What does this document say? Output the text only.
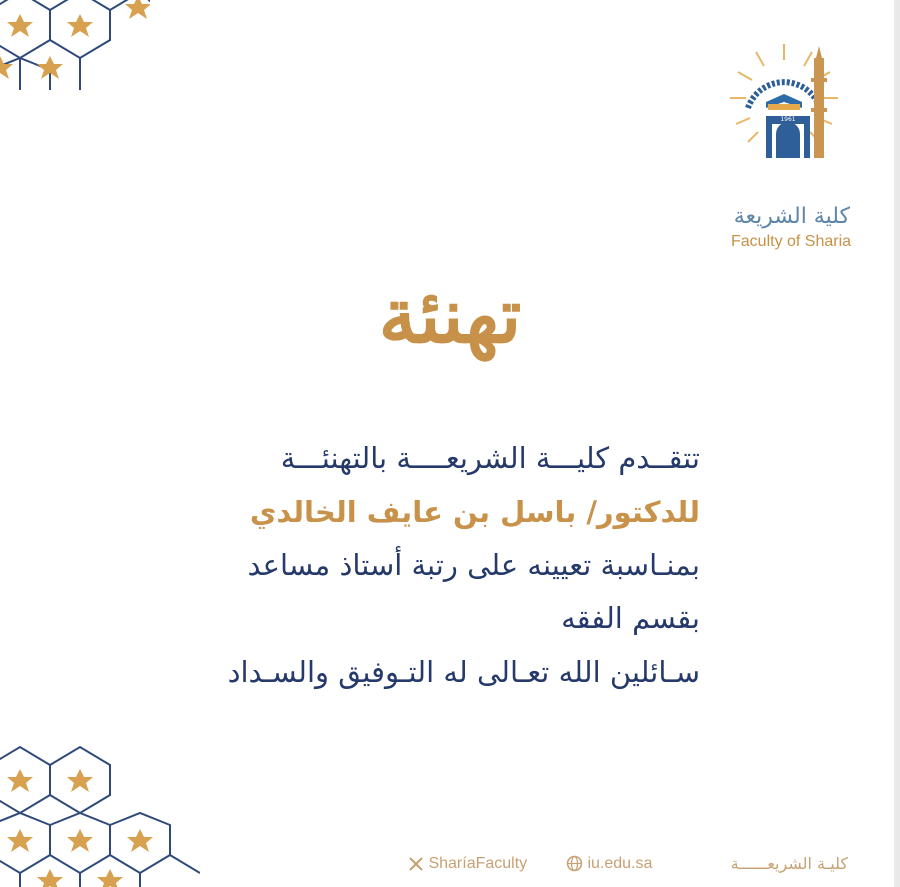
1961
كلية الشريعة
Faculty of Sharia
تهنئة
تتقــدم كليـــة الشريعــــة بالتهنئـــة
للدكتور/ باسل بن عايف الخالدي
بمنـاسبة تعيينه على رتبة أستاذ مساعد
بقسم الفقه
سـائلين الله تعـالى له التـوفيق والسـداد
SharíaFaculty	iu.edu.sa	كليـة الشريعــــــة
